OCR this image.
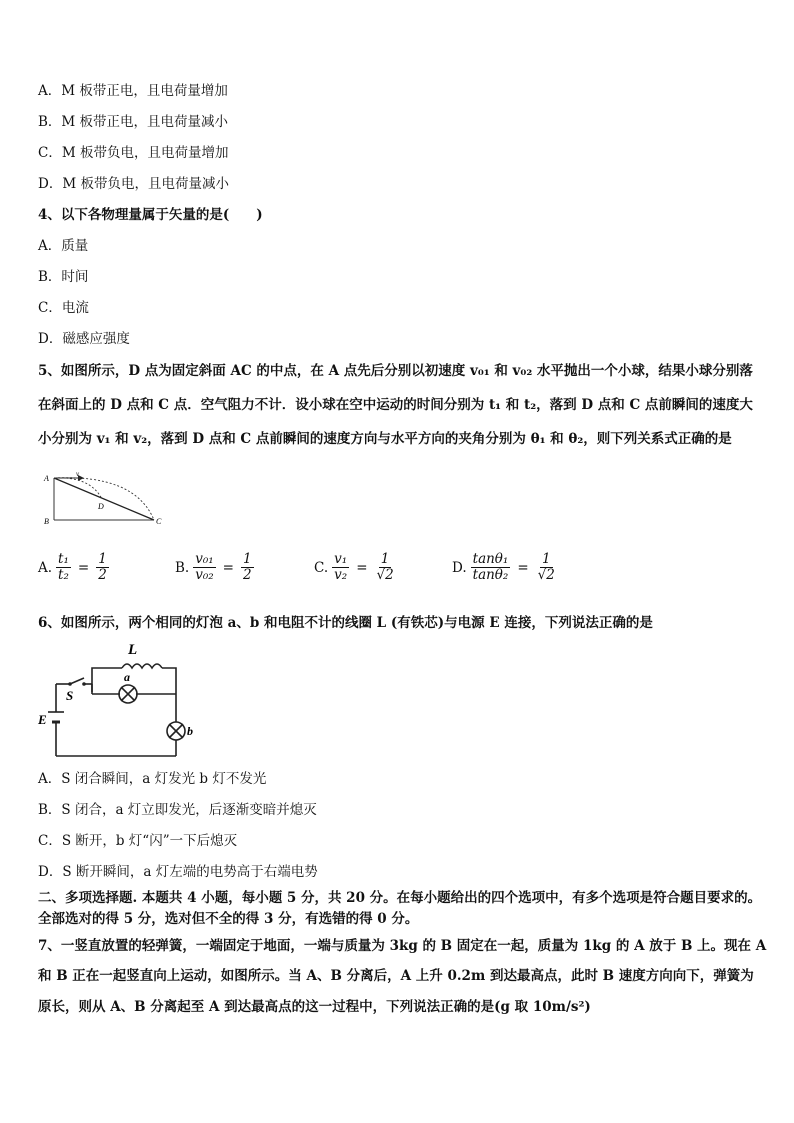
A．M 板带正电，且电荷量增加
B．M 板带正电，且电荷量减小
C．M 板带负电，且电荷量增加
D．M 板带负电，且电荷量减小
4、以下各物理量属于矢量的是(　　)
A．质量
B．时间
C．电流
D．磁感应强度
5、如图所示，D 点为固定斜面 AC 的中点，在 A 点先后分别以初速度 v₀₁ 和 v₀₂ 水平抛出一个小球，结果小球分别落
在斜面上的 D 点和 C 点．空气阻力不计．设小球在空中运动的时间分别为 t₁ 和 t₂，落到 D 点和 C 点前瞬间的速度大
小分别为 v₁ 和 v₂，落到 D 点和 C 点前瞬间的速度方向与水平方向的夹角分别为 θ₁ 和 θ₂，则下列关系式正确的是
A	v
D
B	C
A. $\frac{\text{t₁}}{\text{t₂}} = \frac{1}{2}$	B. $\frac{\text{v₀₁}}{\text{v₀₂}} = \frac{1}{2}$	C. $\frac{\text{v₁}}{\text{v₂}} = \frac{1}{√2}$	D. $\frac{\text{tanθ₁}}{\text{tanθ₂}} = \frac{1}{√2}$
6、如图所示，两个相同的灯泡 a、b 和电阻不计的线圈 L (有铁芯)与电源 E 连接，下列说法正确的是
L
S
E
a
b
A．S 闭合瞬间，a 灯发光 b 灯不发光
B．S 闭合，a 灯立即发光，后逐渐变暗并熄灭
C．S 断开，b 灯“闪”一下后熄灭
D．S 断开瞬间，a 灯左端的电势高于右端电势
二、多项选择题. 本题共 4 小题，每小题 5 分，共 20 分。在每小题给出的四个选项中，有多个选项是符合题目要求的。
全部选对的得 5 分，选对但不全的得 3 分，有选错的得 0 分。
7、一竖直放置的轻弹簧，一端固定于地面，一端与质量为 3kg 的 B 固定在一起，质量为 1kg 的 A 放于 B 上。现在 A
和 B 正在一起竖直向上运动，如图所示。当 A、B 分离后，A 上升 0.2m 到达最高点，此时 B 速度方向向下，弹簧为
原长，则从 A、B 分离起至 A 到达最高点的这一过程中，下列说法正确的是(g 取 10m/s²)
